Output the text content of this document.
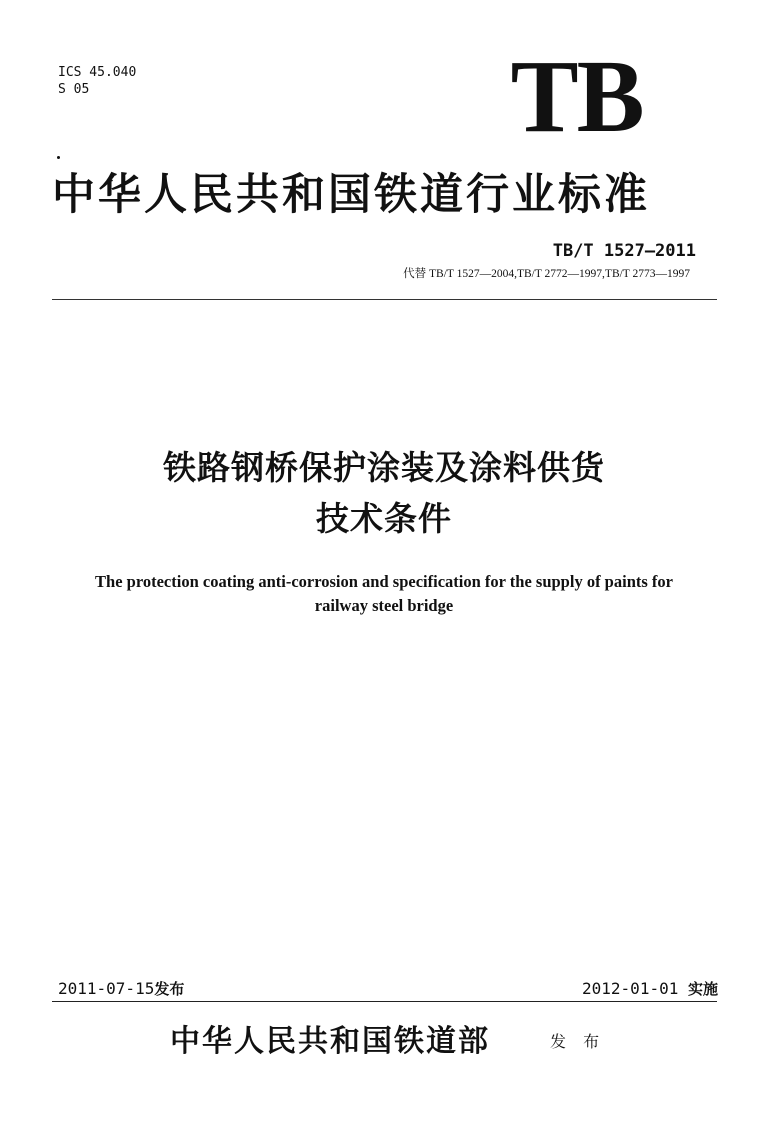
ICS 45.040
S 05	TB
中华人民共和国铁道行业标准
TB/T 1527—2011
代替 TB/T 1527—2004,TB/T 2772—1997,TB/T 2773—1997
铁路钢桥保护涂装及涂料供货
技术条件
The protection coating anti-corrosion and specification for the supply of paints for
railway steel bridge
2011-07-15发布	2012-01-01 实施
中华人民共和国铁道部	发 布
